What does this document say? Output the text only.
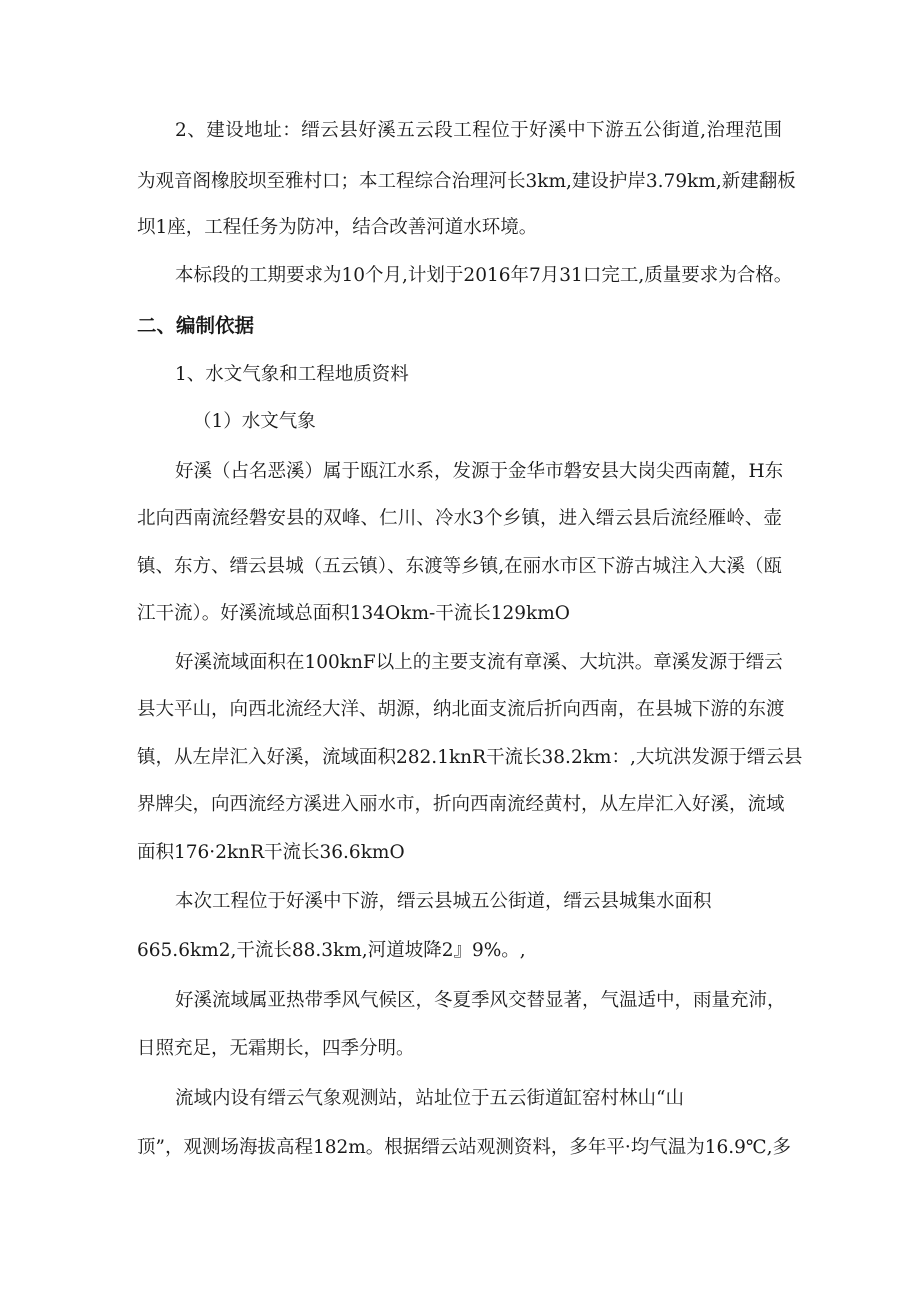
2、建设地址：缙云县好溪五云段工程位于好溪中下游五公街道,治理范围
为观音阁橡胶坝至雅村口；本工程综合治理河长3km,建设护岸3.79km,新建翻板
坝1座，工程任务为防冲，结合改善河道水环境。
本标段的工期要求为10个月,计划于2016年7月31口完工,质量要求为合格。
二、编制依据
1、水文气象和工程地质资料
（1）水文气象
好溪（占名恶溪）属于瓯江水系，发源于金华市磐安县大岗尖西南麓，H东
北向西南流经磐安县的双峰、仁川、冷水3个乡镇，进入缙云县后流经雁岭、壶
镇、东方、缙云县城（五云镇）、东渡等乡镇,在丽水市区下游古城注入大溪（瓯
江干流）。好溪流域总面积134Okm-干流长129kmO
好溪流域面积在100knF以上的主要支流有章溪、大坑洪。章溪发源于缙云
县大平山，向西北流经大洋、胡源，纳北面支流后折向西南，在县城下游的东渡
镇，从左岸汇入好溪，流域面积282.1knR干流长38.2km：,大坑洪发源于缙云县
界牌尖，向西流经方溪进入丽水市，折向西南流经黄村，从左岸汇入好溪，流域
面积176·2knR干流长36.6kmO
本次工程位于好溪中下游，缙云县城五公街道，缙云县城集水面积
665.6km2,干流长88.3km,河道坡降2』9%。,
好溪流域属亚热带季风气候区，冬夏季风交替显著，气温适中，雨量充沛，
日照充足，无霜期长，四季分明。
流域内设有缙云气象观测站，站址位于五云街道缸窑村林山“山
顶”，观测场海拔高程182m。根据缙云站观测资料，多年平·均气温为16.9℃,多
